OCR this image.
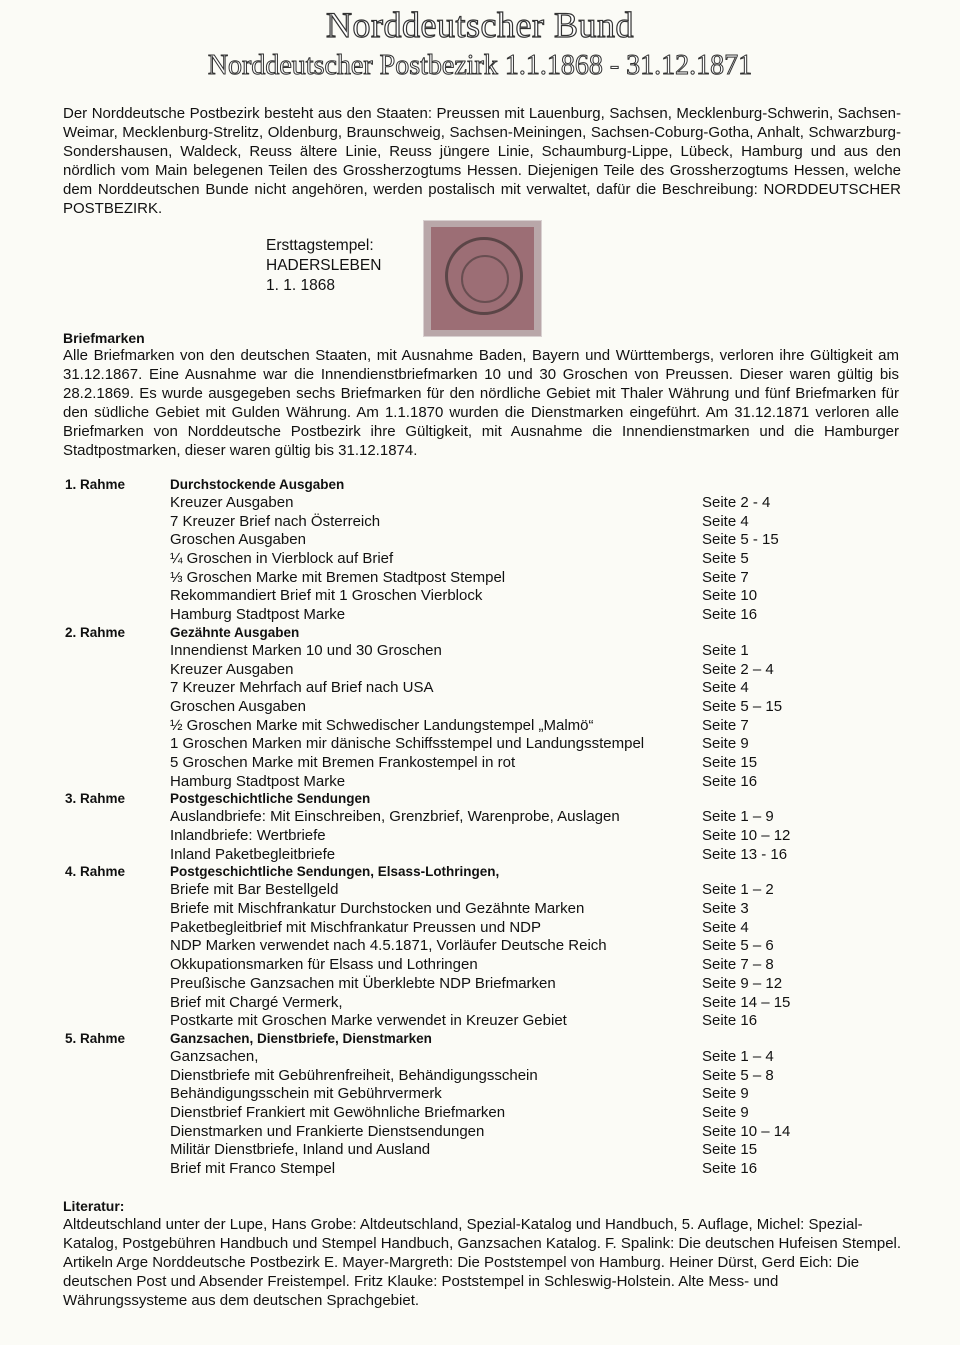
Norddeutscher Bund
Norddeutscher Postbezirk 1.1.1868 - 31.12.1871
Der Norddeutsche Postbezirk besteht aus den Staaten: Preussen mit Lauenburg, Sachsen, Mecklenburg-Schwerin, Sachsen-Weimar, Mecklenburg-Strelitz, Oldenburg, Braunschweig, Sachsen-Meiningen, Sachsen-Coburg-Gotha, Anhalt, Schwarzburg-Sondershausen, Waldeck, Reuss ältere Linie, Reuss jüngere Linie, Schaumburg-Lippe, Lübeck, Hamburg und aus den nördlich vom Main belegenen Teilen des Grossherzogtums Hessen. Diejenigen Teile des Grossherzogtums Hessen, welche dem Norddeutschen Bunde nicht angehören, werden postalisch mit verwaltet, dafür die Beschreibung: NORDDEUTSCHER POSTBEZIRK.
Ersttagstempel:
HADERSLEBEN
1. 1. 1868
Briefmarken
Alle Briefmarken von den deutschen Staaten, mit Ausnahme Baden, Bayern und Württembergs, verloren ihre Gültigkeit am 31.12.1867. Eine Ausnahme war die Innendienstbriefmarken 10 und 30 Groschen von Preussen. Dieser waren gültig bis 28.2.1869. Es wurde ausgegeben sechs Briefmarken für den nördliche Gebiet mit Thaler Währung und fünf Briefmarken für den südliche Gebiet mit Gulden Währung. Am 1.1.1870 wurden die Dienstmarken eingeführt. Am 31.12.1871 verloren alle Briefmarken von Norddeutsche Postbezirk ihre Gültigkeit, mit Ausnahme die Innendienstmarken und die Hamburger Stadtpostmarken, dieser waren gültig bis 31.12.1874.
1. Rahme	Durchstockende Ausgaben
Kreuzer Ausgaben	Seite 2 - 4
7 Kreuzer Brief nach Österreich	Seite 4
Groschen Ausgaben	Seite 5 - 15
¼ Groschen in Vierblock auf Brief	Seite 5
⅓ Groschen Marke mit Bremen Stadtpost Stempel	Seite 7
Rekommandiert Brief mit 1 Groschen Vierblock	Seite 10
Hamburg Stadtpost Marke	Seite 16
2. Rahme	Gezähnte Ausgaben
Innendienst Marken 10 und 30 Groschen	Seite 1
Kreuzer Ausgaben	Seite 2 – 4
7 Kreuzer Mehrfach auf Brief nach USA	Seite 4
Groschen Ausgaben	Seite 5 – 15
½ Groschen Marke mit Schwedischer Landungstempel „Malmö“	Seite 7
1 Groschen Marken mir dänische Schiffsstempel und Landungsstempel	Seite 9
5 Groschen Marke mit Bremen Frankostempel in rot	Seite 15
Hamburg Stadtpost Marke	Seite 16
3. Rahme	Postgeschichtliche Sendungen
Auslandbriefe: Mit Einschreiben, Grenzbrief, Warenprobe, Auslagen	Seite 1 – 9
Inlandbriefe: Wertbriefe	Seite 10 – 12
Inland Paketbegleitbriefe	Seite 13 - 16
4. Rahme	Postgeschichtliche Sendungen, Elsass-Lothringen,
Briefe mit Bar Bestellgeld	Seite 1 – 2
Briefe mit Mischfrankatur Durchstocken und Gezähnte Marken	Seite 3
Paketbegleitbrief mit Mischfrankatur Preussen und NDP	Seite 4
NDP Marken verwendet nach 4.5.1871, Vorläufer Deutsche Reich	Seite 5 – 6
Okkupationsmarken für Elsass und Lothringen	Seite 7 – 8
Preußische Ganzsachen mit Überklebte NDP Briefmarken	Seite 9 – 12
Brief mit Chargé Vermerk,	Seite 14 – 15
Postkarte mit Groschen Marke verwendet in Kreuzer Gebiet	Seite 16
5. Rahme	Ganzsachen, Dienstbriefe, Dienstmarken
Ganzsachen,	Seite 1 – 4
Dienstbriefe mit Gebührenfreiheit, Behändigungsschein	Seite 5 – 8
Behändigungsschein mit Gebührvermerk	Seite 9
Dienstbrief Frankiert mit Gewöhnliche Briefmarken	Seite 9
Dienstmarken und Frankierte Dienstsendungen	Seite 10 – 14
Militär Dienstbriefe, Inland und Ausland	Seite 15
Brief mit Franco Stempel	Seite 16
Literatur:
Altdeutschland unter der Lupe, Hans Grobe: Altdeutschland, Spezial-Katalog und Handbuch, 5. Auflage, Michel: Spezial-Katalog, Postgebühren Handbuch und Stempel Handbuch, Ganzsachen Katalog. F. Spalink: Die deutschen Hufeisen Stempel. Artikeln Arge Norddeutsche Postbezirk E. Mayer-Margreth: Die Poststempel von Hamburg. Heiner Dürst, Gerd Eich: Die deutschen Post und Absender Freistempel. Fritz Klauke: Poststempel in Schleswig-Holstein. Alte Mess- und Währungssysteme aus dem deutschen Sprachgebiet.
